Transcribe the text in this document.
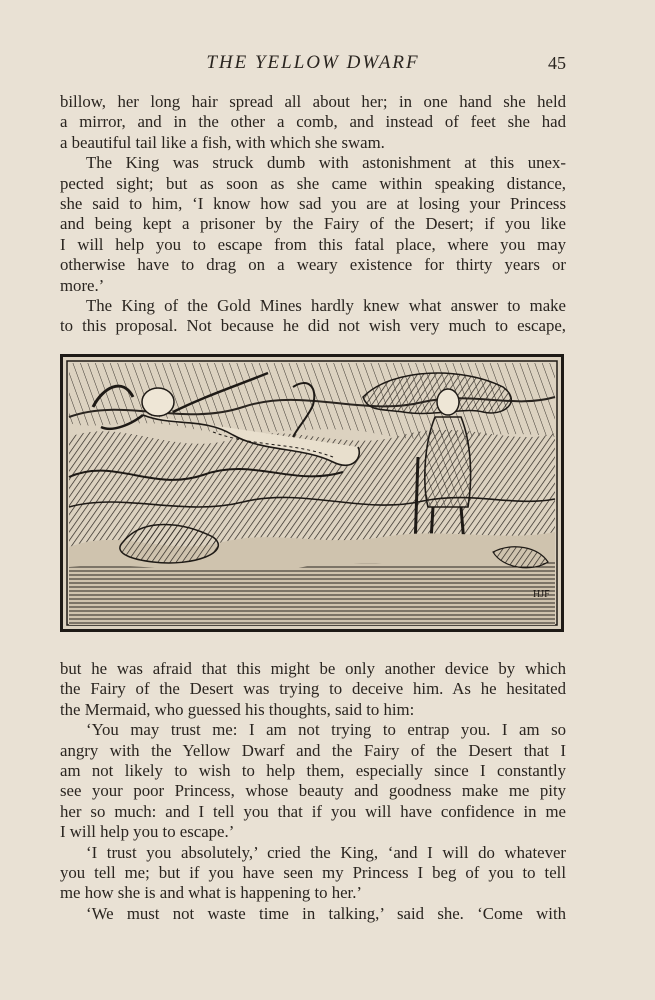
THE YELLOW DWARF	45
billow, her long hair spread all about her; in one hand she held
a mirror, and in the other a comb, and instead of feet she had
a beautiful tail like a fish, with which she swam.
The King was struck dumb with astonishment at this unex-
pected sight; but as soon as she came within speaking distance,
she said to him, ‘I know how sad you are at losing your Princess
and being kept a prisoner by the Fairy of the Desert; if you like
I will help you to escape from this fatal place, where you may
otherwise have to drag on a weary existence for thirty years or
more.’
The King of the Gold Mines hardly knew what answer to make
to this proposal. Not because he did not wish very much to escape,
HJF
but he was afraid that this might be only another device by which
the Fairy of the Desert was trying to deceive him. As he hesitated
the Mermaid, who guessed his thoughts, said to him:
‘You may trust me: I am not trying to entrap you. I am so
angry with the Yellow Dwarf and the Fairy of the Desert that I
am not likely to wish to help them, especially since I constantly
see your poor Princess, whose beauty and goodness make me pity
her so much: and I tell you that if you will have confidence in me
I will help you to escape.’
‘I trust you absolutely,’ cried the King, ‘and I will do whatever
you tell me; but if you have seen my Princess I beg of you to tell
me how she is and what is happening to her.’
‘We must not waste time in talking,’ said she. ‘Come with
